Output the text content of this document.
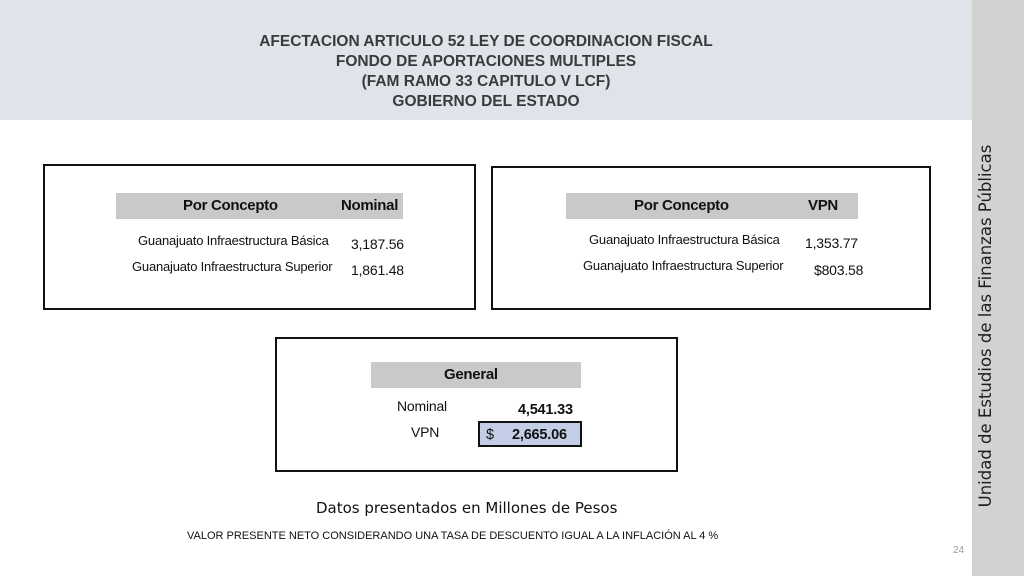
AFECTACION ARTICULO 52 LEY DE COORDINACION FISCAL
FONDO DE APORTACIONES MULTIPLES
(FAM RAMO 33 CAPITULO V LCF)
GOBIERNO DEL ESTADO
Unidad de Estudios de las Finanzas Públicas
Por Concepto	Nominal
Guanajuato Infraestructura Básica 3,187.56
Guanajuato Infraestructura Superior 1,861.48
Por Concepto	VPN
Guanajuato Infraestructura Básica 1,353.77
Guanajuato Infraestructura Superior $803.58
General
Nominal	4,541.33
VPN	$ 2,665.06
Datos presentados en Millones de Pesos
VALOR PRESENTE NETO CONSIDERANDO UNA TASA DE DESCUENTO IGUAL A LA INFLACIÓN AL 4 %
24
